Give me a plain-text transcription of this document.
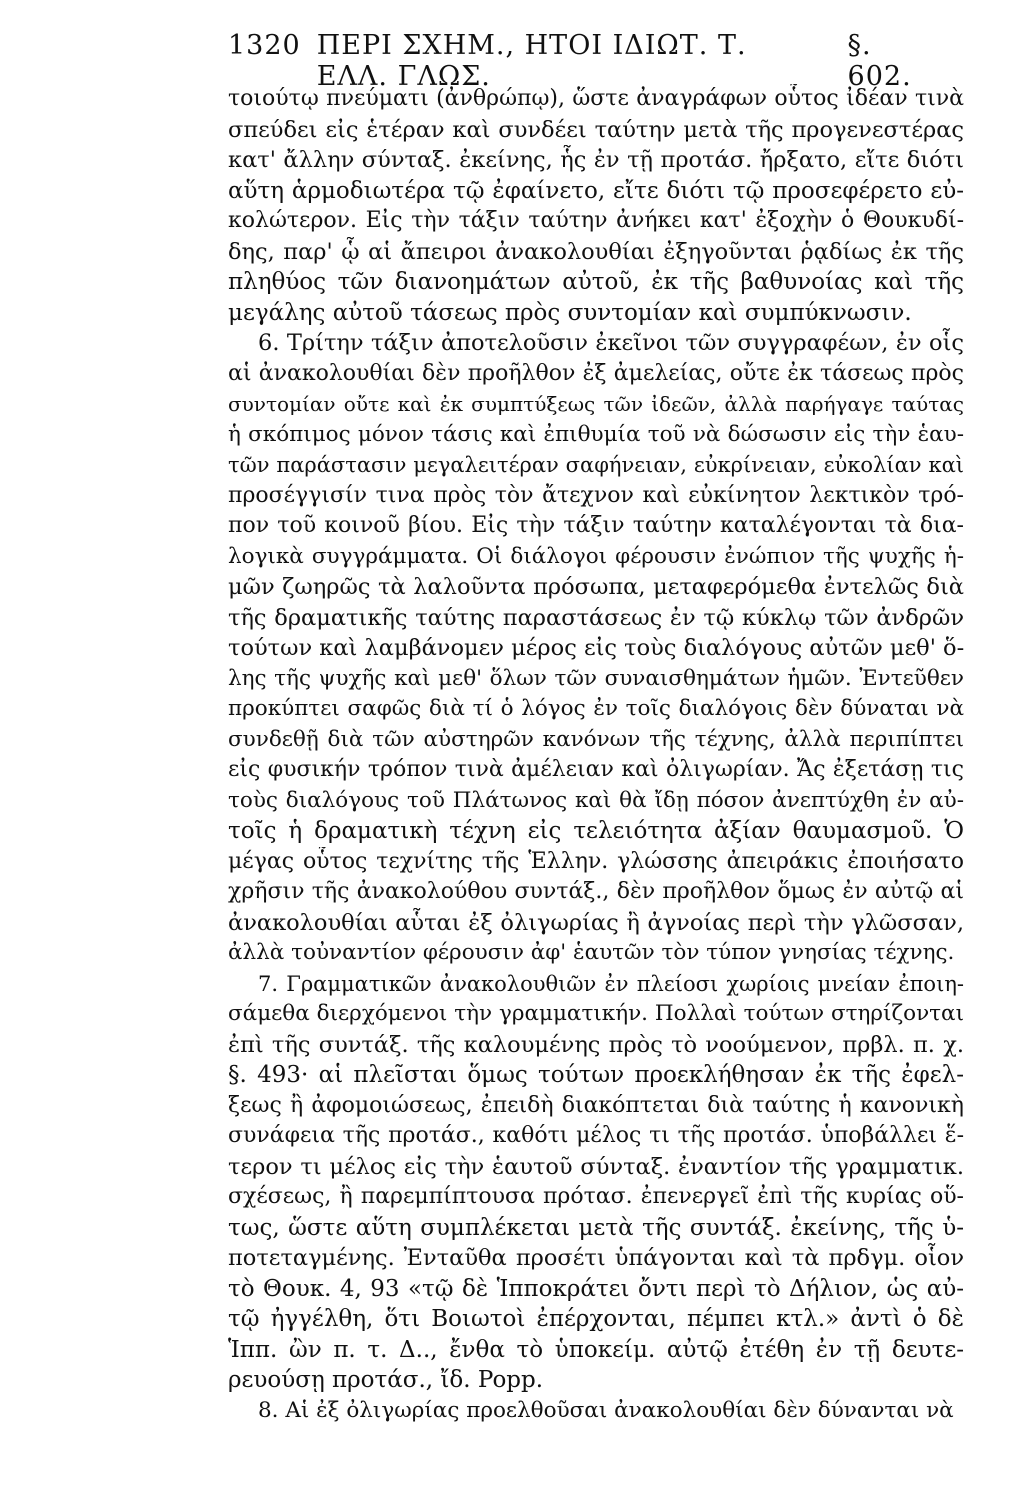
1320 ΠΕΡΙ ΣΧΗΜ., ΗΤΟΙ ΙΔΙΩΤ. Τ. ΕΛΛ. ΓΛΩΣ.
§. 602.
τοιούτῳ πνεύματι (ἀνθρώπῳ), ὥστε ἀναγράφων οὗτος ἰδέαν τινὰ
σπεύδει εἰς ἑτέραν καὶ συνδέει ταύτην μετὰ τῆς προγενεστέρας
κατ' ἄλλην σύνταξ. ἐκείνης, ἧς ἐν τῇ προτάσ. ἤρξατο, εἴτε διότι
αὕτη ἁρμοδιωτέρα τῷ ἐφαίνετο, εἴτε διότι τῷ προσεφέρετο εὐ-
κολώτερον. Εἰς τὴν τάξιν ταύτην ἀνήκει κατ' ἐξοχὴν ὁ Θουκυδί-
δης, παρ' ᾧ αἱ ἄπειροι ἀνακολουθίαι ἐξηγοῦνται ῥᾳδίως ἐκ τῆς
πληθύος τῶν διανοημάτων αὐτοῦ, ἐκ τῆς βαθυνοίας καὶ τῆς
μεγάλης αὐτοῦ τάσεως πρὸς συντομίαν καὶ συμπύκνωσιν.
6. Τρίτην τάξιν ἀποτελοῦσιν ἐκεῖνοι τῶν συγγραφέων, ἐν οἷς
αἱ ἀνακολουθίαι δὲν προῆλθον ἐξ ἀμελείας, οὔτε ἐκ τάσεως πρὸς
συντομίαν οὔτε καὶ ἐκ συμπτύξεως τῶν ἰδεῶν, ἀλλὰ παρήγαγε ταύτας
ἡ σκόπιμος μόνον τάσις καὶ ἐπιθυμία τοῦ νὰ δώσωσιν εἰς τὴν ἑαυ-
τῶν παράστασιν μεγαλειτέραν σαφήνειαν, εὐκρίνειαν, εὐκολίαν καὶ
προσέγγισίν τινα πρὸς τὸν ἄτεχνον καὶ εὐκίνητον λεκτικὸν τρό-
πον τοῦ κοινοῦ βίου. Εἰς τὴν τάξιν ταύτην καταλέγονται τὰ δια-
λογικὰ συγγράμματα. Οἱ διάλογοι φέρουσιν ἐνώπιον τῆς ψυχῆς ἡ-
μῶν ζωηρῶς τὰ λαλοῦντα πρόσωπα, μεταφερόμεθα ἐντελῶς διὰ
τῆς δραματικῆς ταύτης παραστάσεως ἐν τῷ κύκλῳ τῶν ἀνδρῶν
τούτων καὶ λαμβάνομεν μέρος εἰς τοὺς διαλόγους αὐτῶν μεθ' ὅ-
λης τῆς ψυχῆς καὶ μεθ' ὅλων τῶν συναισθημάτων ἡμῶν. Ἐντεῦθεν
προκύπτει σαφῶς διὰ τί ὁ λόγος ἐν τοῖς διαλόγοις δὲν δύναται νὰ
συνδεθῇ διὰ τῶν αὐστηρῶν κανόνων τῆς τέχνης, ἀλλὰ περιπίπτει
εἰς φυσικήν τρόπον τινὰ ἀμέλειαν καὶ ὀλιγωρίαν. Ἄς ἐξετάσῃ τις
τοὺς διαλόγους τοῦ Πλάτωνος καὶ θὰ ἴδῃ πόσον ἀνεπτύχθη ἐν αὐ-
τοῖς ἡ δραματικὴ τέχνη εἰς τελειότητα ἀξίαν θαυμασμοῦ. Ὁ
μέγας οὗτος τεχνίτης τῆς Ἑλλην. γλώσσης ἀπειράκις ἐποιήσατο
χρῆσιν τῆς ἀνακολούθου συντάξ., δὲν προῆλθον ὅμως ἐν αὐτῷ αἱ
ἀνακολουθίαι αὗται ἐξ ὀλιγωρίας ἢ ἀγνοίας περὶ τὴν γλῶσσαν,
ἀλλὰ τοὐναντίον φέρουσιν ἀφ' ἑαυτῶν τὸν τύπον γνησίας τέχνης.
7. Γραμματικῶν ἀνακολουθιῶν ἐν πλείοσι χωρίοις μνείαν ἐποιη-
σάμεθα διερχόμενοι τὴν γραμματικήν. Πολλαὶ τούτων στηρίζονται
ἐπὶ τῆς συντάξ. τῆς καλουμένης πρὸς τὸ νοούμενον, πρβλ. π. χ.
§. 493· αἱ πλεῖσται ὅμως τούτων προεκλήθησαν ἐκ τῆς ἐφελ-
ξεως ἢ ἀφομοιώσεως, ἐπειδὴ διακόπτεται διὰ ταύτης ἡ κανονικὴ
συνάφεια τῆς προτάσ., καθότι μέλος τι τῆς προτάσ. ὑποβάλλει ἕ-
τερον τι μέλος εἰς τὴν ἑαυτοῦ σύνταξ. ἐναντίον τῆς γραμματικ.
σχέσεως, ἢ παρεμπίπτουσα πρότασ. ἐπενεργεῖ ἐπὶ τῆς κυρίας οὕ-
τως, ὥστε αὕτη συμπλέκεται μετὰ τῆς συντάξ. ἐκείνης, τῆς ὑ-
ποτεταγμένης. Ἐνταῦθα προσέτι ὑπάγονται καὶ τὰ πρδγμ. οἷον
τὸ Θουκ. 4, 93 «τῷ δὲ Ἱπποκράτει ὄντι περὶ τὸ Δήλιον, ὡς αὐ-
τῷ ἠγγέλθη, ὅτι Βοιωτοὶ ἐπέρχονται, πέμπει κτλ.» ἀντὶ ὁ δὲ
Ἱππ. ὢν π. τ. Δ.., ἔνθα τὸ ὑποκείμ. αὐτῷ ἐτέθη ἐν τῇ δευτε-
ρευούσῃ προτάσ., ἴδ. Popp.
8. Αἱ ἐξ ὀλιγωρίας προελθοῦσαι ἀνακολουθίαι δὲν δύνανται νὰ
